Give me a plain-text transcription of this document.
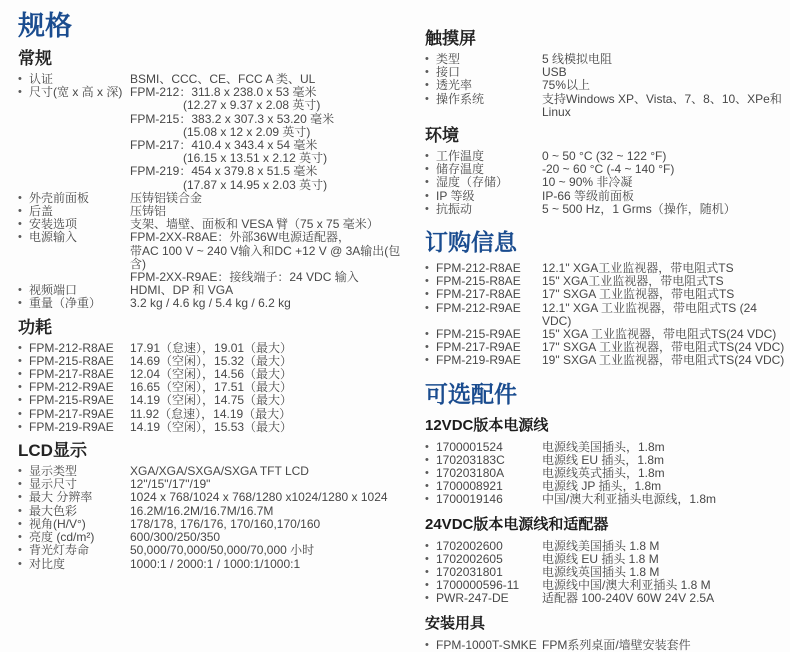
规格
常规
• 认证	BSMI、CCC、CE、FCC A 类、UL
• 尺寸(宽 x 高 x 深) FPM-212：311.8 x 238.0 x 53 毫米
(12.27 x 9.37 x 2.08 英寸)
FPM-215：383.2 x 307.3 x 53.20 毫米
(15.08 x 12 x 2.09 英寸)
FPM-217：410.4 x 343.4 x 54 毫米
(16.15 x 13.51 x 2.12 英寸)
FPM-219：454 x 379.8 x 51.5 毫米
(17.87 x 14.95 x 2.03 英寸)
• 外壳前面板	压铸铝镁合金
• 后盖	压铸铝
• 安装选项	支架、墙壁、面板和 VESA 臂（75 x 75 毫米）
• 电源输入	FPM-2XX-R8AE：外部36W电源适配器，
带AC 100 V ~ 240 V输入和DC +12 V @ 3A输出(包含)
FPM-2XX-R9AE：接线端子：24 VDC 输入
• 视频端口	HDMI、DP 和 VGA
• 重量（净重）	3.2 kg / 4.6 kg / 5.4 kg / 6.2 kg
功耗
• FPM-212-R8AE	17.91（怠速），19.01（最大）
• FPM-215-R8AE	14.69（空闲），15.32（最大）
• FPM-217-R8AE	12.04（空闲），14.56（最大）
• FPM-212-R9AE	16.65（空闲），17.51（最大）
• FPM-215-R9AE	14.19（空闲），14.75（最大）
• FPM-217-R9AE	11.92（怠速），14.19（最大）
• FPM-219-R9AE	14.19（空闲），15.53（最大）
LCD显示
• 显示类型	XGA/XGA/SXGA/SXGA TFT LCD
• 显示尺寸	12"/15"/17"/19"
• 最大 分辨率	1024 x 768/1024 x 768/1280 x1024/1280 x 1024
• 最大色彩	16.2M/16.2M/16.7M/16.7M
• 视角(H/V°)	178/178, 176/176, 170/160,170/160
• 亮度 (cd/m²)	600/300/250/350
• 背光灯寿命	50,000/70,000/50,000/70,000 小时
• 对比度	1000:1 / 2000:1 / 1000:1/1000:1
触摸屏
• 类型	5 线模拟电阻
• 接口	USB
• 透光率	75%以上
• 操作系统	支持Windows XP、Vista、7、8、10、XPe和Linux
环境
• 工作温度	0 ~ 50 °C (32 ~ 122 °F)
• 储存温度	-20 ~ 60 °C (-4 ~ 140 °F)
• 湿度（存储）	10 ~ 90% 非冷凝
• IP 等级	IP-66 等级前面板
• 抗振动	5 ~ 500 Hz，1 Grms（操作，随机）
订购信息
• FPM-212-R8AE	12.1" XGA工业监视器，带电阻式TS
• FPM-215-R8AE	15" XGA工业监视器，带电阻式TS
• FPM-217-R8AE	17" SXGA 工业监视器，带电阻式TS
• FPM-212-R9AE	12.1" XGA 工业监视器，带电阻式TS (24 VDC)
• FPM-215-R9AE	15" XGA 工业监视器，带电阻式TS(24 VDC)
• FPM-217-R9AE	17" SXGA 工业监视器，带电阻式TS(24 VDC)
• FPM-219-R9AE	19" SXGA 工业监视器，带电阻式TS(24 VDC)
可选配件
12VDC版本电源线
• 1700001524	电源线美国插头，1.8m
• 170203183C	电源线 EU 插头，1.8m
• 170203180A	电源线英式插头，1.8m
• 1700008921	电源线 JP 插头，1.8m
• 1700019146	中国/澳大利亚插头电源线，1.8m
24VDC版本电源线和适配器
• 1702002600	电源线美国插头 1.8 M
• 1702002605	电源线 EU 插头 1.8 M
• 1702031801	电源线英国插头 1.8 M
• 1700000596-11	电源线中国/澳大利亚插头 1.8 M
• PWR-247-DE	适配器 100-240V 60W 24V 2.5A
安装用具
• FPM-1000T-SMKE FPM系列桌面/墙壁安装套件
